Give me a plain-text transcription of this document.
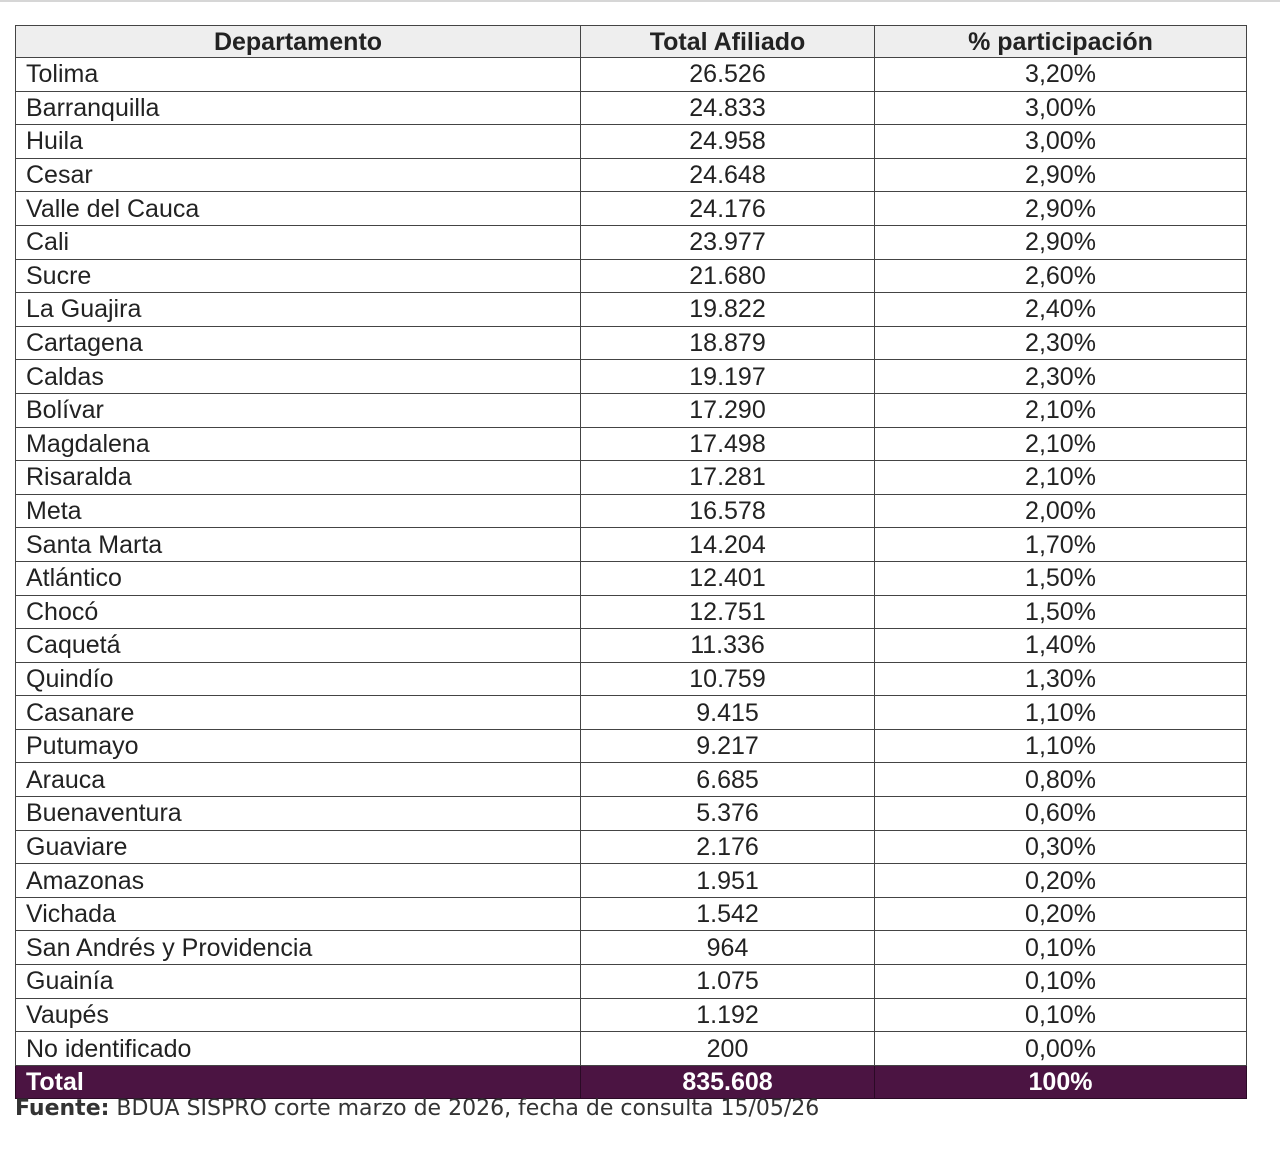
Departamento	Total Afiliado	% participación
Tolima	26.526	3,20%
Barranquilla	24.833	3,00%
Huila	24.958	3,00%
Cesar	24.648	2,90%
Valle del Cauca	24.176	2,90%
Cali	23.977	2,90%
Sucre	21.680	2,60%
La Guajira	19.822	2,40%
Cartagena	18.879	2,30%
Caldas	19.197	2,30%
Bolívar	17.290	2,10%
Magdalena	17.498	2,10%
Risaralda	17.281	2,10%
Meta	16.578	2,00%
Santa Marta	14.204	1,70%
Atlántico	12.401	1,50%
Chocó	12.751	1,50%
Caquetá	11.336	1,40%
Quindío	10.759	1,30%
Casanare	9.415	1,10%
Putumayo	9.217	1,10%
Arauca	6.685	0,80%
Buenaventura	5.376	0,60%
Guaviare	2.176	0,30%
Amazonas	1.951	0,20%
Vichada	1.542	0,20%
San Andrés y Providencia	964	0,10%
Guainía	1.075	0,10%
Vaupés	1.192	0,10%
No identificado	200	0,00%
Total	835.608	100%
Fuente: BDUA SISPRO corte marzo de 2026, fecha de consulta 15/05/26
